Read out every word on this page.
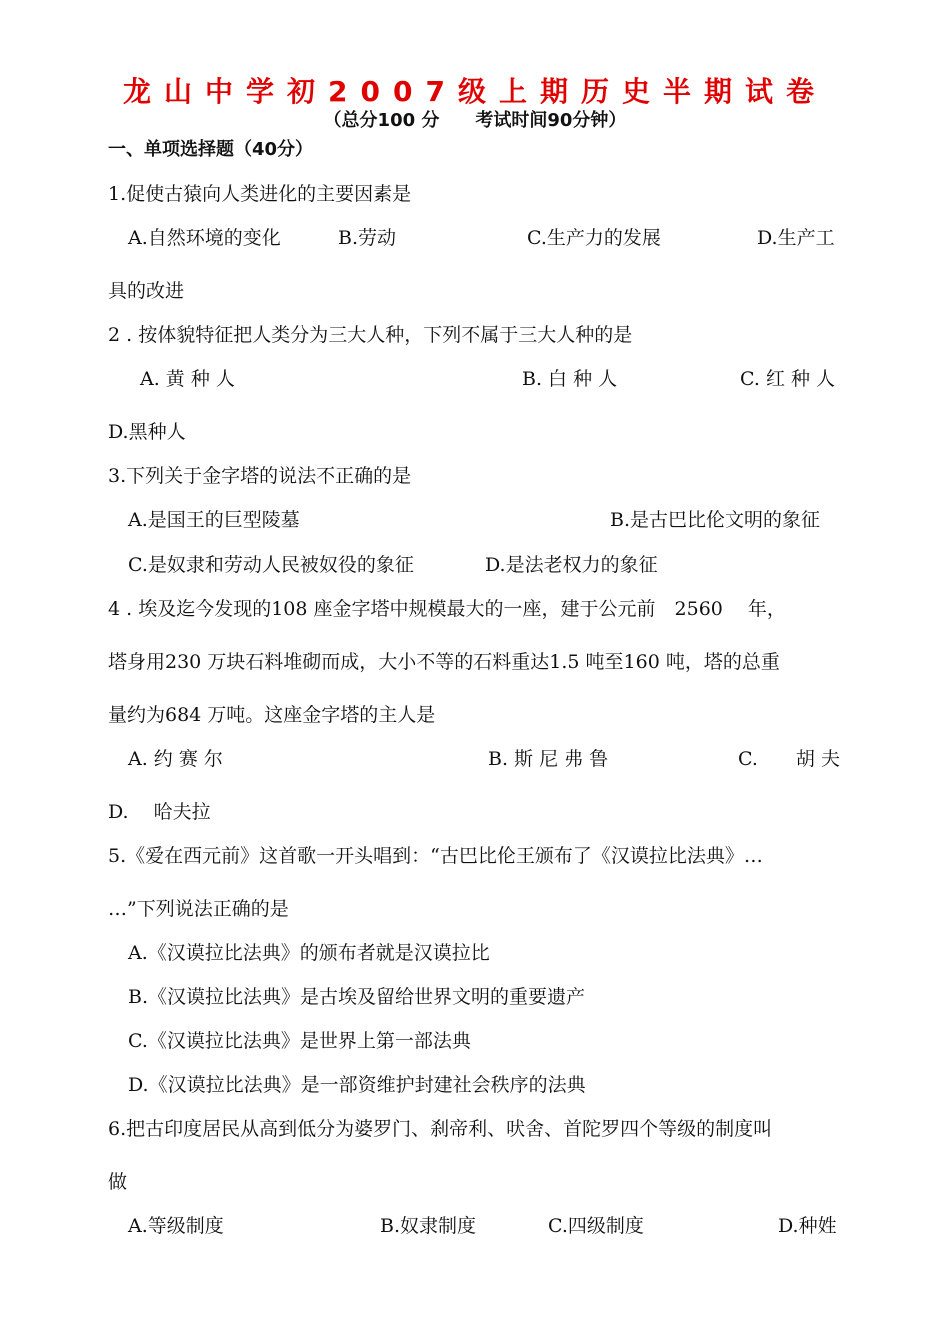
龙山中学初2007级上期历史半期试卷
（总分100 分　　考试时间90分钟）
一、单项选择题（40分）
1.促使古猿向人类进化的主要因素是
A.自然环境的变化	B.劳动	C.生产力的发展	D.生产工
具的改进
2 . 按体貌特征把人类分为三大人种，下列不属于三大人种的是
A. 黄 种 人	B. 白 种 人	C. 红 种 人
D.黑种人
3.下列关于金字塔的说法不正确的是
A.是国王的巨型陵墓	B.是古巴比伦文明的象征
C.是奴隶和劳动人民被奴役的象征	D.是法老权力的象征
4 . 埃及迄今发现的108 座金字塔中规模最大的一座，建于公元前　2560　 年，
塔身用230 万块石料堆砌而成，大小不等的石料重达1.5 吨至160 吨，塔的总重
量约为684 万吨。这座金字塔的主人是
A. 约 赛 尔	B. 斯 尼 弗 鲁	C.　　胡 夫
D.　 哈夫拉
5.《爱在西元前》这首歌一开头唱到：“古巴比伦王颁布了《汉谟拉比法典》…
…”下列说法正确的是
A.《汉谟拉比法典》的颁布者就是汉谟拉比
B.《汉谟拉比法典》是古埃及留给世界文明的重要遗产
C.《汉谟拉比法典》是世界上第一部法典
D.《汉谟拉比法典》是一部资维护封建社会秩序的法典
6.把古印度居民从高到低分为婆罗门、刹帝利、吠舍、首陀罗四个等级的制度叫
做
A.等级制度	B.奴隶制度	C.四级制度	D.种姓
